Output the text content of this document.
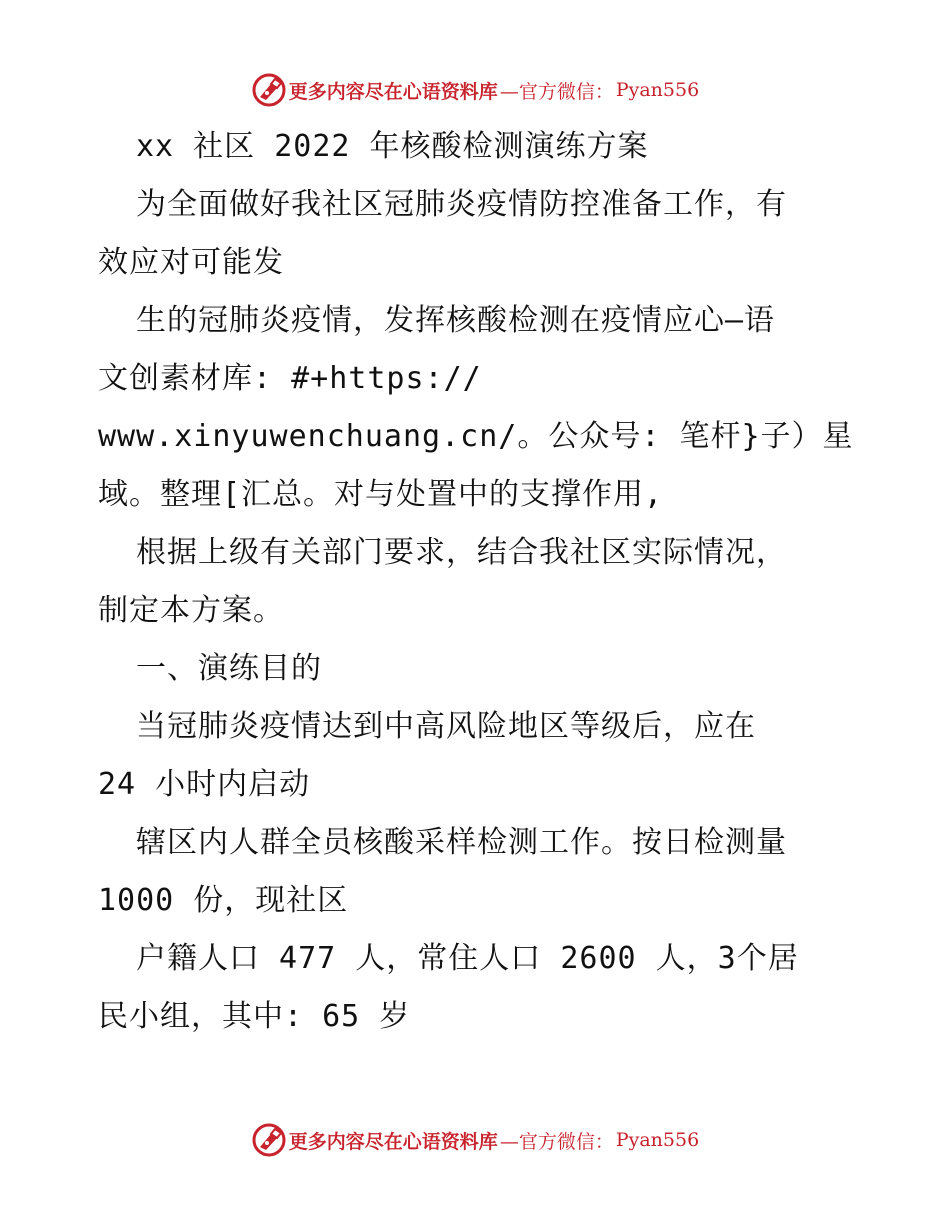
更多内容尽在心语资料库 —官方微信： Pyan556
xx 社区 2022 年核酸检测演练方案
为全面做好我社区冠肺炎疫情防控准备工作，有
效应对可能发
生的冠肺炎疫情，发挥核酸检测在疫情应心—语
文创素材库: #+https://
www.xinyuwenchuang.cn/。公众号: 笔杆}子）星
域。整理[汇总。对与处置中的支撑作用,
根据上级有关部门要求，结合我社区实际情况，
制定本方案。
一、演练目的
当冠肺炎疫情达到中高风险地区等级后，应在
24 小时内启动
辖区内人群全员核酸采样检测工作。按日检测量
1000 份，现社区
户籍人口 477 人，常住人口 2600 人，3个居
民小组，其中: 65 岁
更多内容尽在心语资料库 —官方微信： Pyan556
